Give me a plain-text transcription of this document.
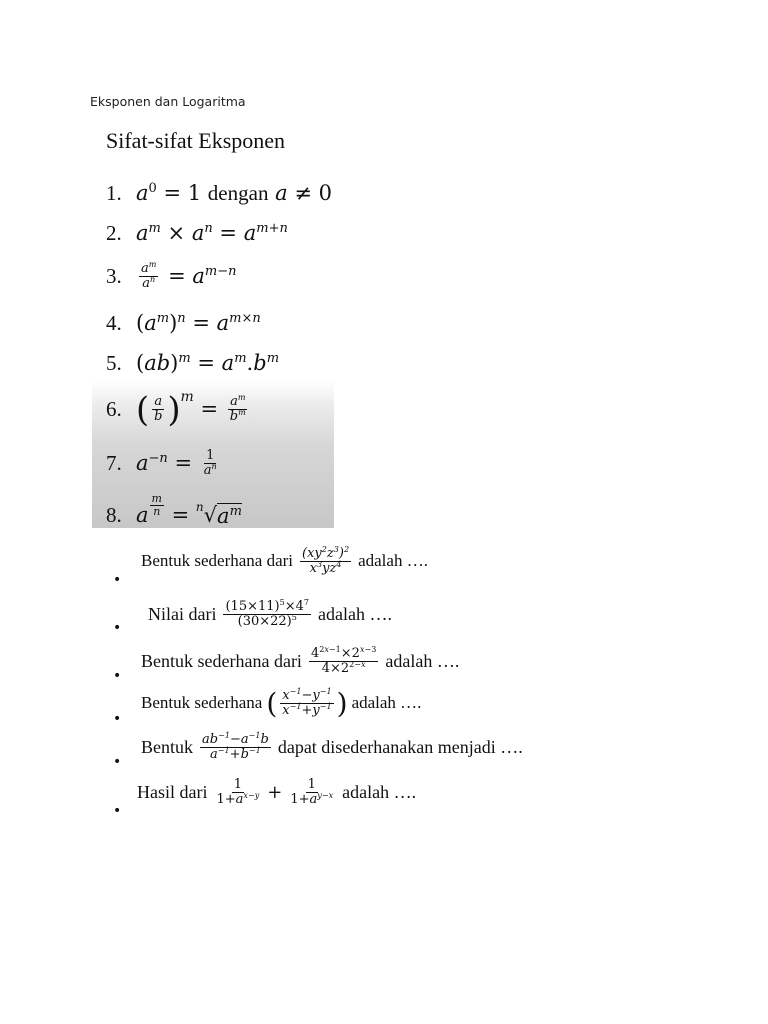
Eksponen dan Logaritma
Sifat-sifat Eksponen
1. $a^0 = 1$ dengan
a ≠ 0
2. $a^m \times a^n = a^{m+n}$
3.	$\frac{a^m}{a^n} = a^{m-n}$
4. ( $a^m$ ) $^n = a^{m\times n}$
5. ( ab ) $^m = a^m$ . $b^m$
6. ( $\frac{a}{b}$ ) $m = \frac{a^m}{b^m}$
7. $a^{-n} = \frac{1}{a^n}$
8. a $\frac{m}{n} = n$ √ $a^m$
•
Bentuk sederhana dari $\frac{(xy^2z^3)^2}{x^3yz^4}$ adalah ….
•
Nilai dari $\frac{(15\times 11)^5\times 4^7}{(30\times 22)^5}$ adalah ….
•
Bentuk sederhana dari $\frac{4^{2x-1}\times 2^{x-3}}{4\times 2^{2-x}}$ adalah ….
•
Bentuk sederhana ( $\frac{x^{-1}-y^{-1}}{x^{-1}+y^{-1}}$ ) adalah ….
•
Bentuk $\frac{ab^{-1}-a^{-1}b}{a^{-1}+b^{-1}}$ dapat disederhanakan menjadi ….
•
Hasil dari $\frac{1}{1+a^{x-y}} + \frac{1}{1+a^{y-x}}$ adalah ….
